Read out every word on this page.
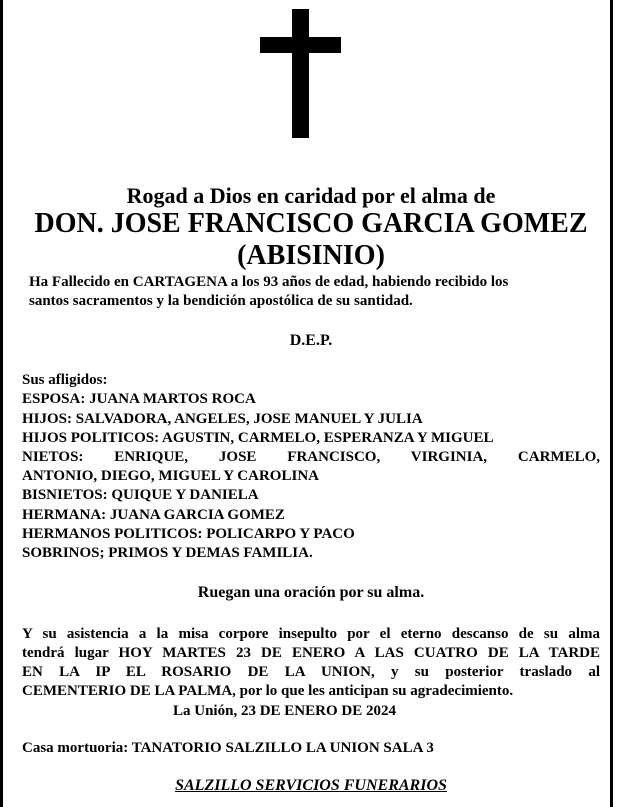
Rogad a Dios en caridad por el alma de
DON. JOSE FRANCISCO GARCIA GOMEZ
(ABISINIO)
Ha Fallecido en CARTAGENA a los 93 años de edad, habiendo recibido los
santos sacramentos y la bendición apostólica de su santidad.
D.E.P.
Sus afligidos:
ESPOSA: JUANA MARTOS ROCA
HIJOS: SALVADORA, ANGELES, JOSE MANUEL Y JULIA
HIJOS POLITICOS: AGUSTIN, CARMELO, ESPERANZA Y MIGUEL
NIETOS: ENRIQUE, JOSE FRANCISCO, VIRGINIA, CARMELO,
ANTONIO, DIEGO, MIGUEL Y CAROLINA
BISNIETOS: QUIQUE Y DANIELA
HERMANA: JUANA GARCIA GOMEZ
HERMANOS POLITICOS: POLICARPO Y PACO
SOBRINOS; PRIMOS Y DEMAS FAMILIA.
Ruegan una oración por su alma.
Y su asistencia a la misa corpore insepulto por el eterno descanso de su alma
tendrá lugar HOY MARTES 23 DE ENERO A LAS CUATRO DE LA TARDE
EN LA IP EL ROSARIO DE LA UNION, y su posterior traslado al
CEMENTERIO DE LA PALMA, por lo que les anticipan su agradecimiento.
La Unión, 23 DE ENERO DE 2024
Casa mortuoria: TANATORIO SALZILLO LA UNION SALA 3
SALZILLO SERVICIOS FUNERARIOS
